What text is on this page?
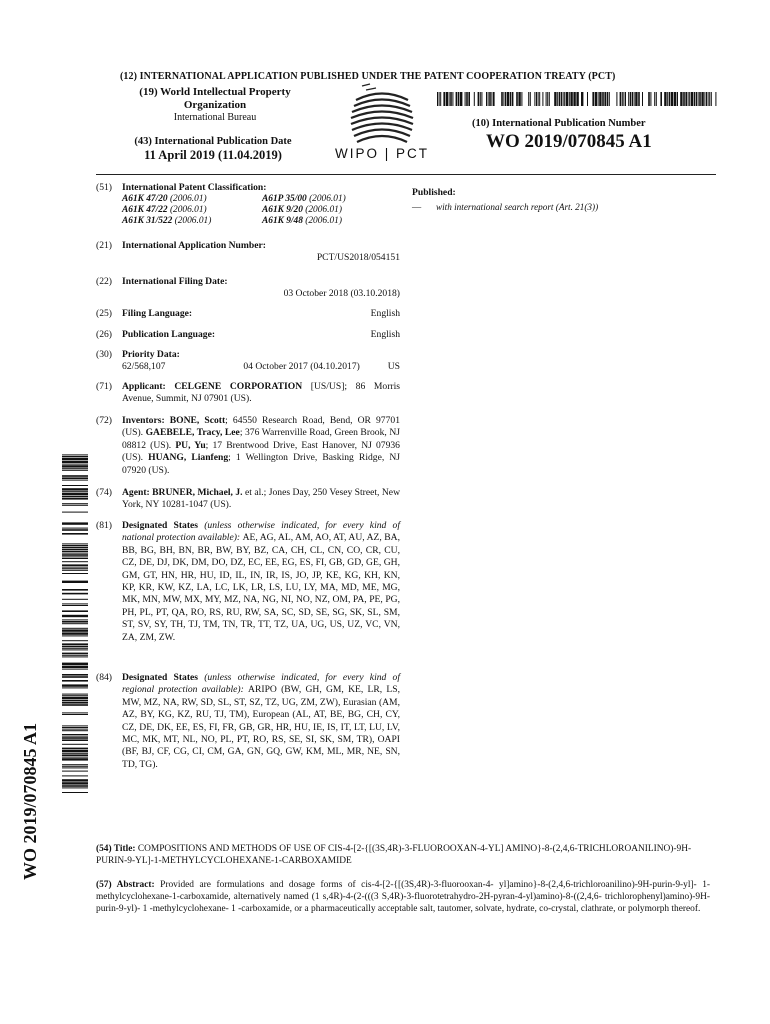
(12) INTERNATIONAL APPLICATION PUBLISHED UNDER THE PATENT COOPERATION TREATY (PCT)
(19) World Intellectual Property
Organization
International Bureau
(43) International Publication Date
11 April 2019 (11.04.2019)	WIPO | PCT
(10) International Publication Number
WO 2019/070845 A1
(51) International Patent Classification:
A61K 47/20 (2006.01)	A61P 35/00 (2006.01)
A61K 47/22 (2006.01)	A61K 9/20 (2006.01)
A61K 31/522 (2006.01)	A61K 9/48 (2006.01)
(21) International Application Number:
PCT/US2018/054151
(22) International Filing Date:
03 October 2018 (03.10.2018)
(25) Filing Language:	English
(26) Publication Language:	English
(30) Priority Data:
62/568,107	04 October 2017 (04.10.2017)	US
(71) Applicant: CELGENE CORPORATION [US/US]; 86 Morris Avenue, Summit, NJ 07901 (US).
(72) Inventors: BONE, Scott; 64550 Research Road, Bend, OR 97701 (US). GAEBELE, Tracy, Lee; 376 Warrenville Road, Green Brook, NJ 08812 (US). PU, Yu; 17 Brentwood Drive, East Hanover, NJ 07936 (US). HUANG, Lianfeng; 1 Wellington Drive, Basking Ridge, NJ 07920 (US).
(74) Agent: BRUNER, Michael, J. et al.; Jones Day, 250 Vesey Street, New York, NY 10281-1047 (US).
(81) Designated States (unless otherwise indicated, for every kind of national protection available): AE, AG, AL, AM, AO, AT, AU, AZ, BA, BB, BG, BH, BN, BR, BW, BY, BZ, CA, CH, CL, CN, CO, CR, CU, CZ, DE, DJ, DK, DM, DO, DZ, EC, EE, EG, ES, FI, GB, GD, GE, GH, GM, GT, HN, HR, HU, ID, IL, IN, IR, IS, JO, JP, KE, KG, KH, KN, KP, KR, KW, KZ, LA, LC, LK, LR, LS, LU, LY, MA, MD, ME, MG, MK, MN, MW, MX, MY, MZ, NA, NG, NI, NO, NZ, OM, PA, PE, PG, PH, PL, PT, QA, RO, RS, RU, RW, SA, SC, SD, SE, SG, SK, SL, SM, ST, SV, SY, TH, TJ, TM, TN, TR, TT, TZ, UA, UG, US, UZ, VC, VN, ZA, ZM, ZW.
(84) Designated States (unless otherwise indicated, for every kind of regional protection available): ARIPO (BW, GH, GM, KE, LR, LS, MW, MZ, NA, RW, SD, SL, ST, SZ, TZ, UG, ZM, ZW), Eurasian (AM, AZ, BY, KG, KZ, RU, TJ, TM), European (AL, AT, BE, BG, CH, CY, CZ, DE, DK, EE, ES, FI, FR, GB, GR, HR, HU, IE, IS, IT, LT, LU, LV, MC, MK, MT, NL, NO, PL, PT, RO, RS, SE, SI, SK, SM, TR), OAPI (BF, BJ, CF, CG, CI, CM, GA, GN, GQ, GW, KM, ML, MR, NE, SN, TD, TG).
Published:
— with international search report (Art. 21(3))
WO 2019/070845 A1	(54) Title: COMPOSITIONS AND METHODS OF USE OF CIS-4-[2-{[(3S,4R)-3-FLUOROOXAN-4-YL] AMINO}-8-(2,4,6-TRICHLOROANILINO)-9H-PURIN-9-YL]-1-METHYLCYCLOHEXANE-1-CARBOXAMIDE
(57) Abstract: Provided are formulations and dosage forms of cis-4-[2-{[(3S,4R)-3-fluorooxan-4- yl]amino}-8-(2,4,6-trichloroanilino)-9H-purin-9-yl]- 1-methylcyclohexane-1-carboxamide, alternatively named (1 s,4R)-4-(2-(((3 S,4R)-3-fluorotetrahydro-2H-pyran-4-yl)amino)-8-((2,4,6- trichlorophenyl)amino)-9H-purin-9-yl)- 1 -methylcyclohexane- 1 -carboxamide, or a pharmaceutically acceptable salt, tautomer, solvate, hydrate, co-crystal, clathrate, or polymorph thereof.
